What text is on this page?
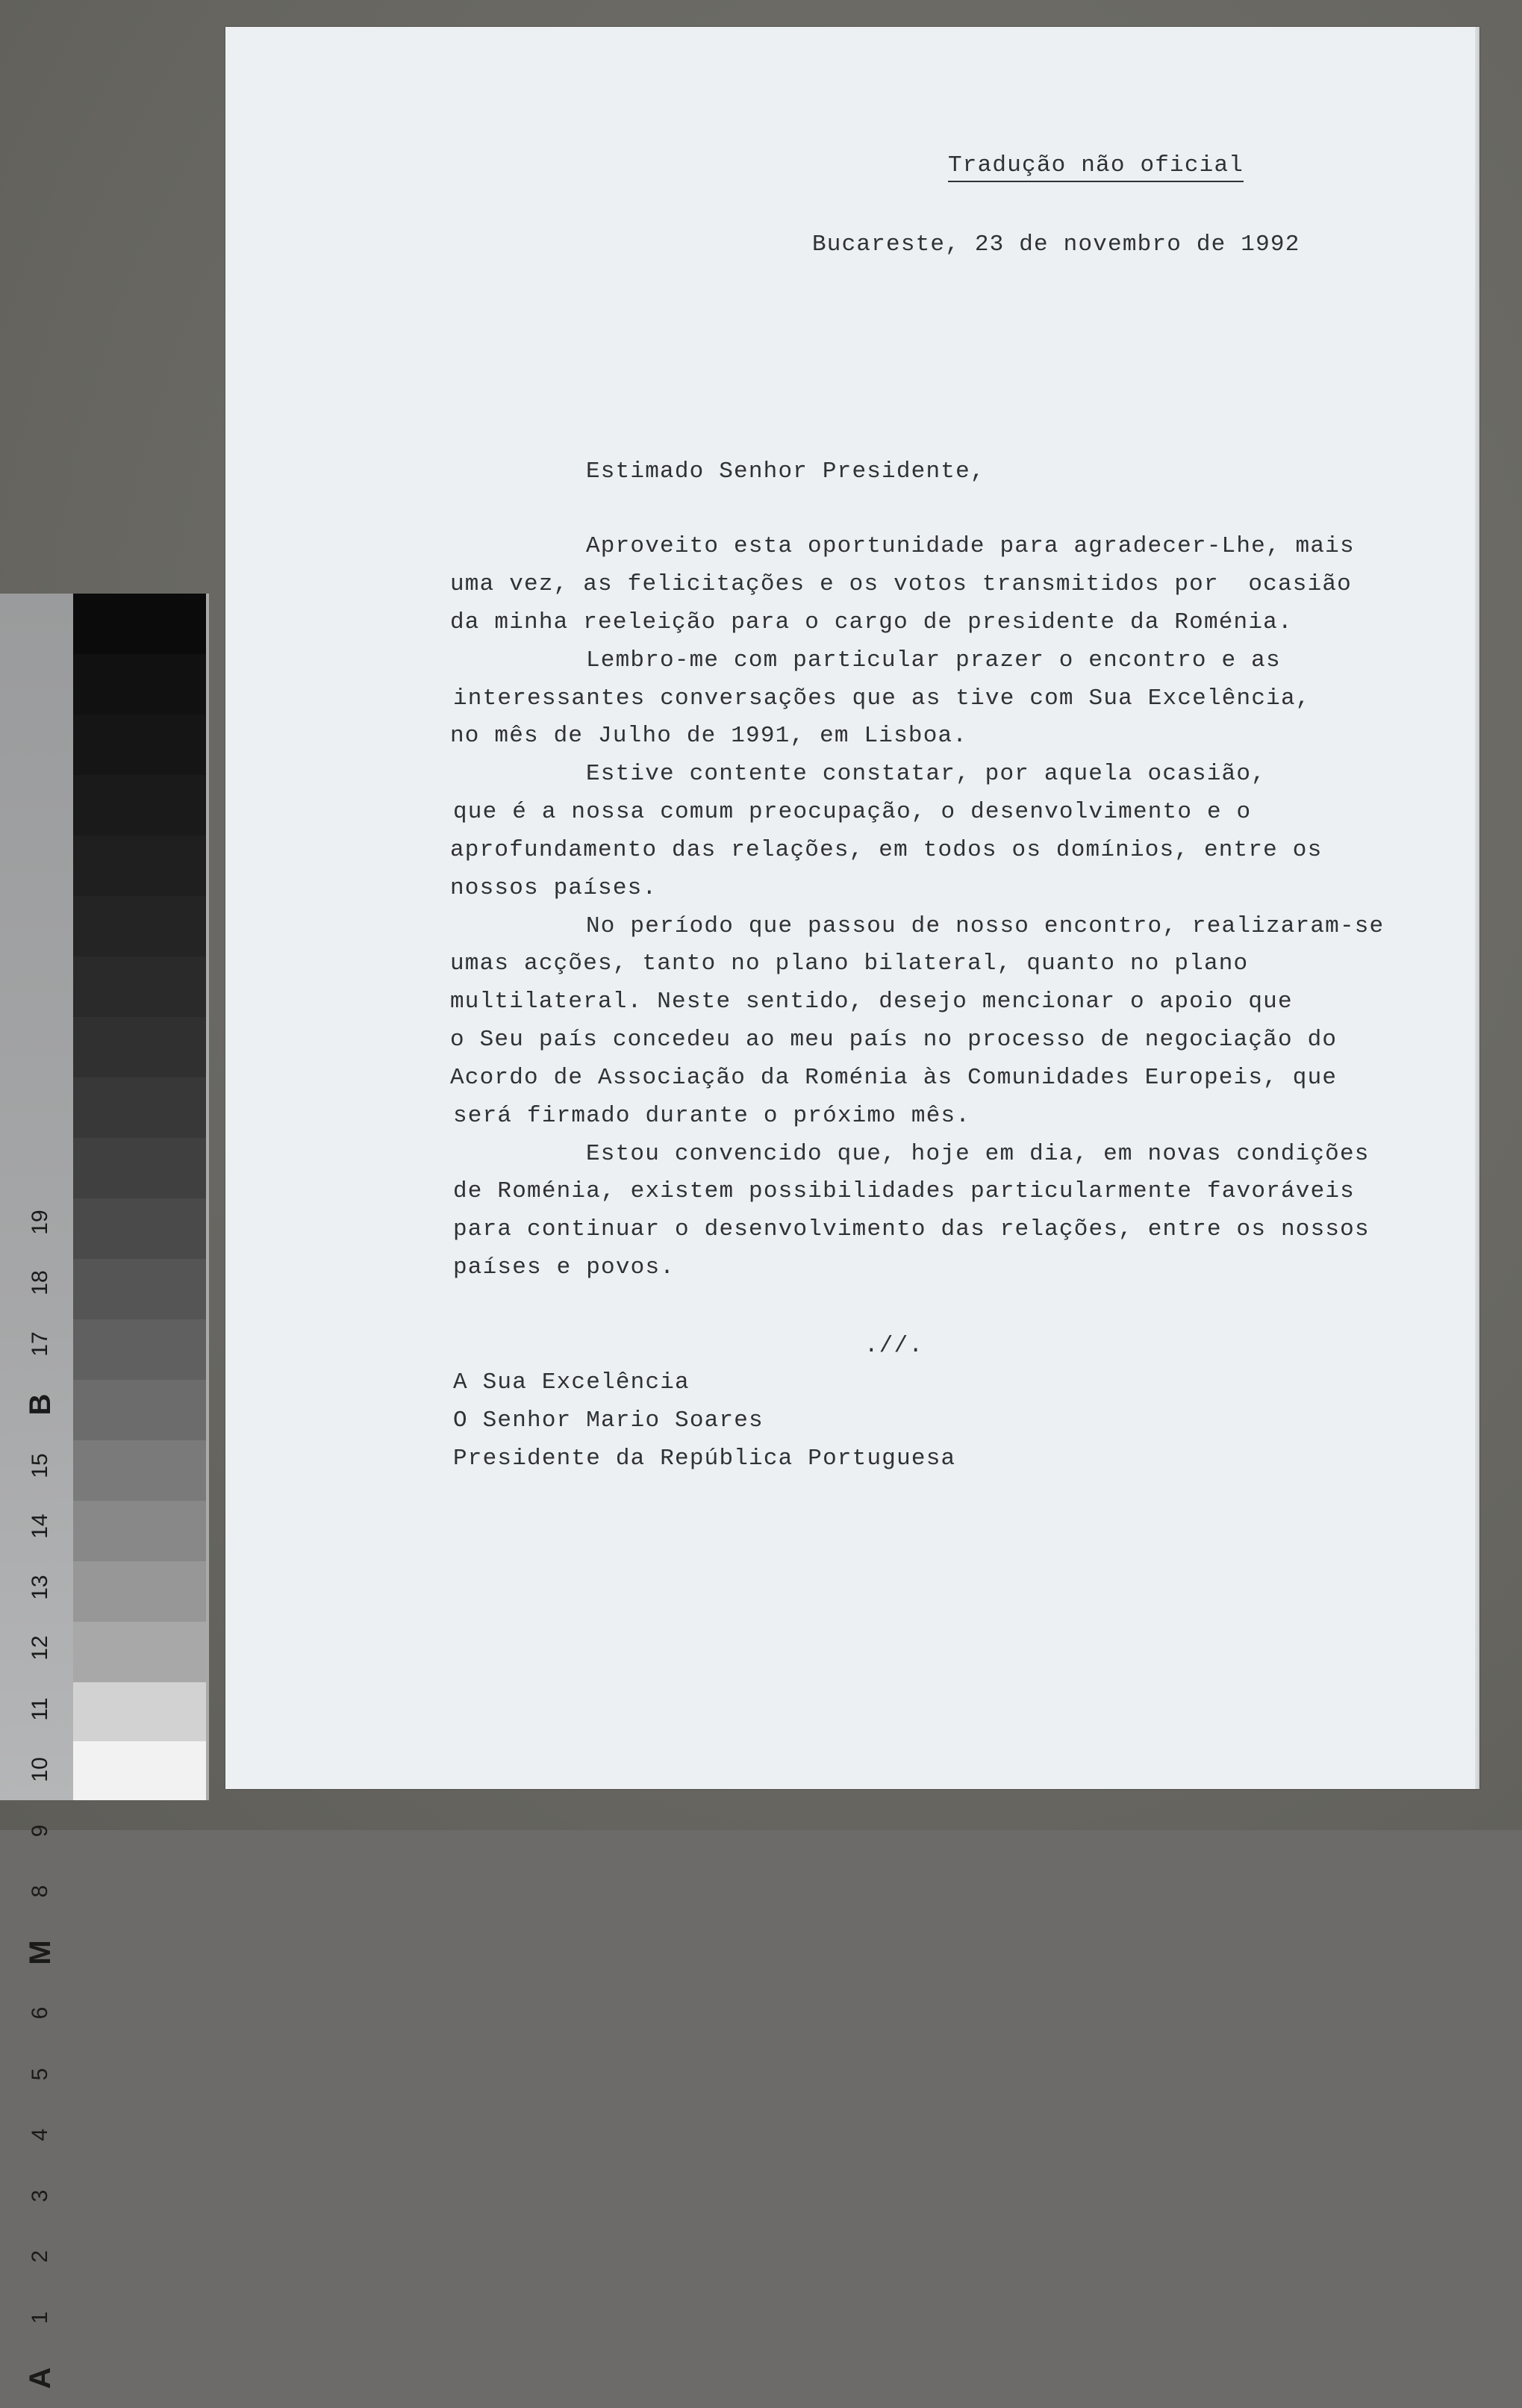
19
18
17
B
15
14
13
12
11
10
9
8
M
6
5
4
3
2
1
A
Tradução não oficial
Bucareste, 23 de novembro de 1992
Estimado Senhor Presidente,
Aproveito esta oportunidade para agradecer-Lhe, mais
uma vez, as felicitações e os votos transmitidos por  ocasião
da minha reeleição para o cargo de presidente da Roménia.
Lembro-me com particular prazer o encontro e as
interessantes conversações que as tive com Sua Excelência,
no mês de Julho de 1991, em Lisboa.
Estive contente constatar, por aquela ocasião,
que é a nossa comum preocupação, o desenvolvimento e o
aprofundamento das relações, em todos os domínios, entre os
nossos países.
No período que passou de nosso encontro, realizaram-se
umas acções, tanto no plano bilateral, quanto no plano
multilateral. Neste sentido, desejo mencionar o apoio que
o Seu país concedeu ao meu país no processo de negociação do
Acordo de Associação da Roménia às Comunidades Europeis, que
será firmado durante o próximo mês.
Estou convencido que, hoje em dia, em novas condições
de Roménia, existem possibilidades particularmente favoráveis
para continuar o desenvolvimento das relações, entre os nossos
países e povos.
.//.
A Sua Excelência
O Senhor Mario Soares
Presidente da República Portuguesa
